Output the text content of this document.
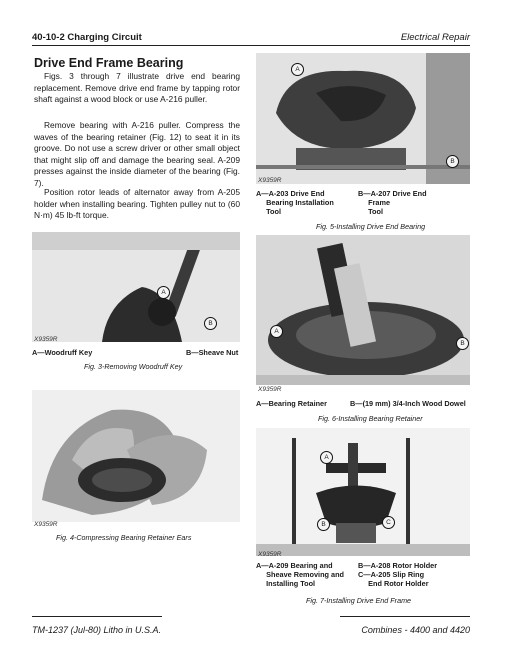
40-10-2 Charging Circuit	Electrical Repair
Drive End Frame Bearing

Figs. 3 through 7 illustrate drive end bearing replacement. Remove drive end frame by tapping rotor shaft against a wood block or use A-216 puller.

Remove bearing with A-216 puller. Compress the waves of the bearing retainer (Fig. 12) to seat it in its groove. Do not use a screw driver or other small object that might slip off and damage the bearing seal. A-209 presses against the inside diameter of the bearing (Fig. 7).

Position rotor leads of alternator away from A-205 holder when installing bearing. Tighten pulley nut to (60 N·m) 45 lb-ft torque.

A
B
X9359R
A—A-203 Drive End
Bearing Installation
Tool
B—A-207 Drive End
Frame
Tool
Fig. 5-Installing Drive End Bearing
A
B
X9359R
A—Woodruff Key	B—Sheave Nut
Fig. 3-Removing Woodruff Key
A
B
X9359R
A—Bearing Retainer	B—(19 mm) 3/4-Inch Wood Dowel
Fig. 6-Installing Bearing Retainer
X9359R
Fig. 4-Compressing Bearing Retainer Ears
A
B	C
X9359R
A—A-209 Bearing and
Sheave Removing and
Installing Tool
B—A-208 Rotor Holder
C—A-205 Slip Ring
End Rotor Holder
Fig. 7-Installing Drive End Frame
TM-1237 (Jul-80) Litho in U.S.A.	Combines - 4400 and 4420
